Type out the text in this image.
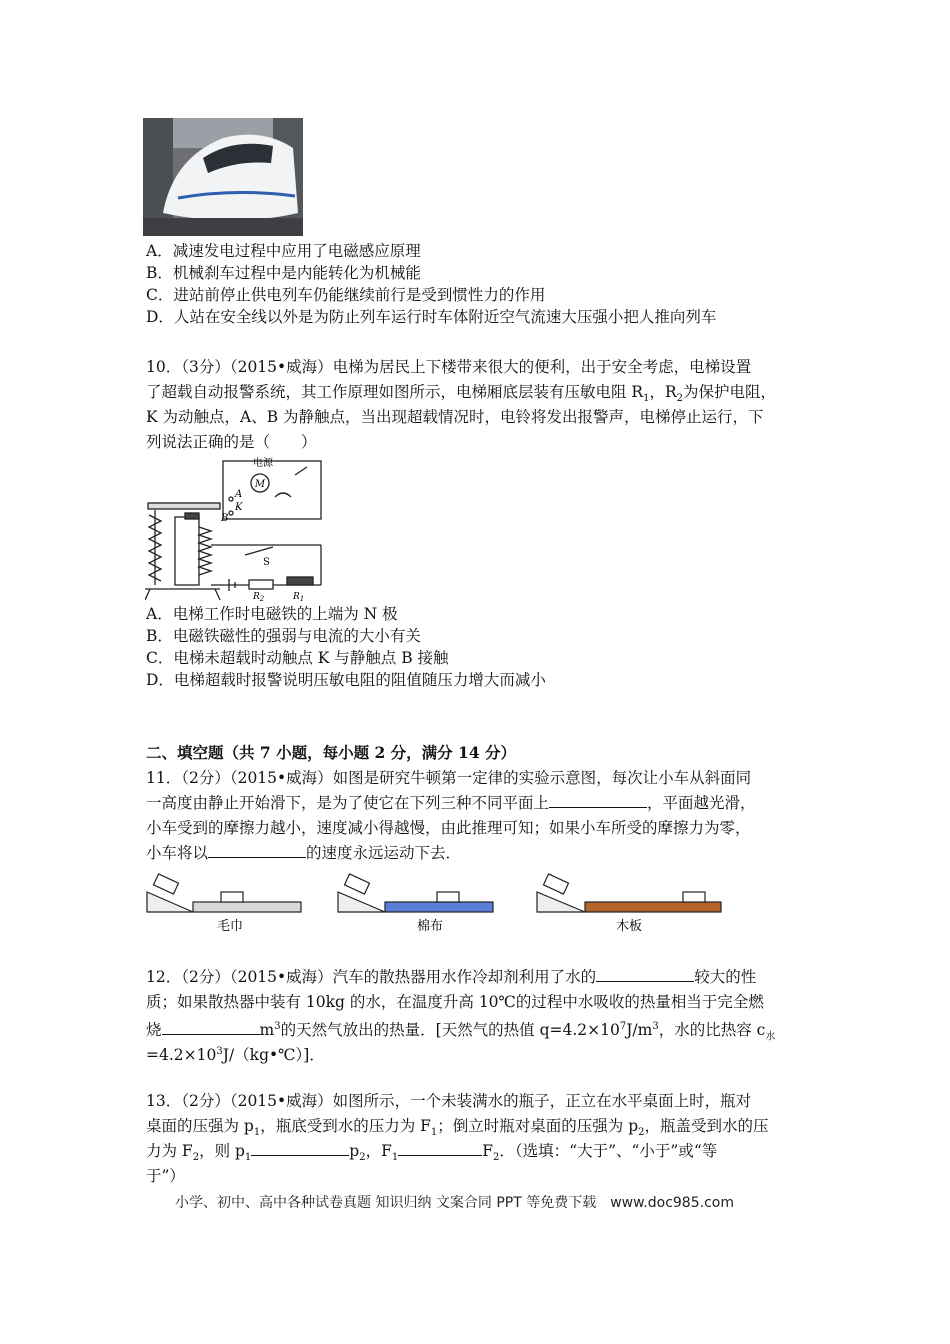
A．减速发电过程中应用了电磁感应原理
B．机械刹车过程中是内能转化为机械能
C．进站前停止供电列车仍能继续前行是受到惯性力的作用
D．人站在安全线以外是为防止列车运行时车体附近空气流速大压强小把人推向列车
10．（3分）（2015•威海）电梯为居民上下楼带来很大的便利，出于安全考虑，电梯设置
了超载自动报警系统，其工作原理如图所示，电梯厢底层装有压敏电阻 $R_1$，$R_2$为保护电阻，
K 为动触点，A、B 为静触点，当出现超载情况时，电铃将发出报警声，电梯停止运行，下
列说法正确的是（　　）
电源
M
A
K
B
S
$R_2$	$R_1$
A．电梯工作时电磁铁的上端为 N 极
B．电磁铁磁性的强弱与电流的大小有关
C．电梯未超载时动触点 K 与静触点 B 接触
D．电梯超载时报警说明压敏电阻的阻值随压力增大而减小
二、填空题（共 7 小题，每小题 2 分，满分 14 分）
11．（2分）（2015•威海）如图是研究牛顿第一定律的实验示意图，每次让小车从斜面同
一高度由静止开始滑下，是为了使它在下列三种不同平面上	，平面越光滑，
小车受到的摩擦力越小，速度减小得越慢，由此推理可知；如果小车所受的摩擦力为零，
小车将以	的速度永远运动下去．
毛巾	棉布	木板
12．（2分）（2015•威海）汽车的散热器用水作冷却剂利用了水的	较大的性
质；如果散热器中装有 10kg 的水，在温度升高 10℃的过程中水吸收的热量相当于完全燃
烧	$m^3$的天然气放出的热量．[天然气的热值 $q=4.2\times 10^7J/m^3$，水的比热容 $c_水$
$=4.2\times 10^3J/(kg•℃)$]．
13．（2分）（2015•威海）如图所示，一个未装满水的瓶子，正立在水平桌面上时，瓶对
桌面的压强为 $p_1$，瓶底受到水的压力为 $F_1$；倒立时瓶对桌面的压强为 $p_2$，瓶盖受到水的压
力为 $F_2$，则 $p_1$	$p_2$，$F_1$	$F_2$．（选填：“大于”、“小于”或“等
于”）
小学、初中、高中各种试卷真题 知识归纳 文案合同 PPT 等免费下载　www.doc985.com
